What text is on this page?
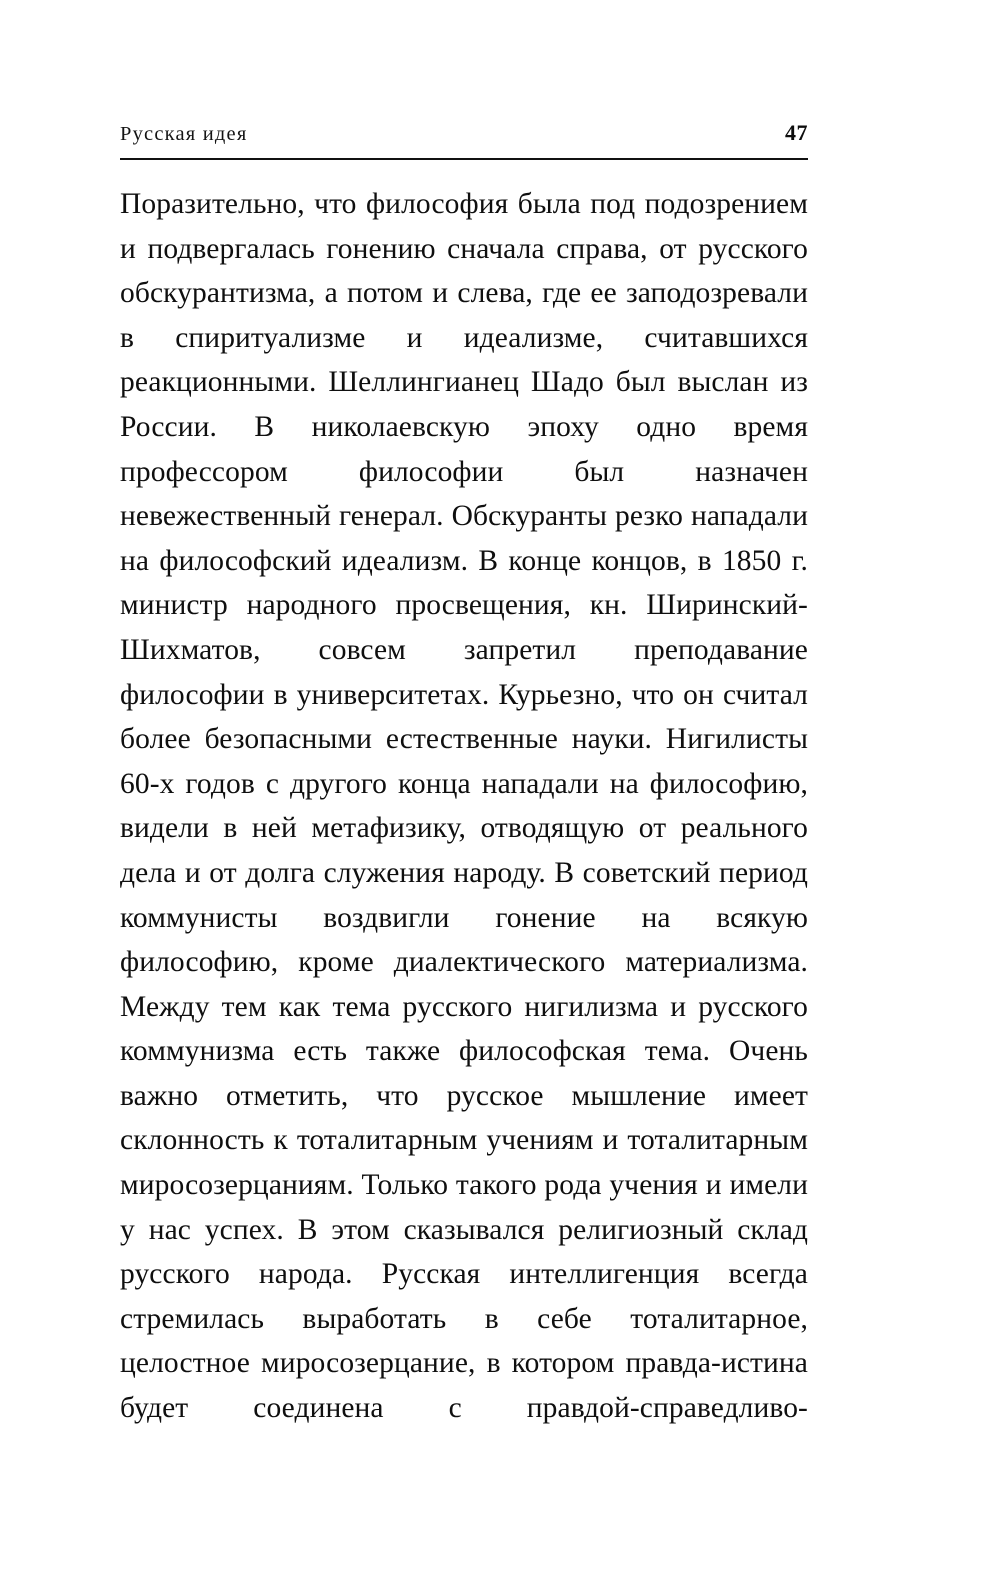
Русская идея	47

Поразительно, что философия была под подозрением и подвергалась гонению сначала справа, от русского обскурантизма, а потом и слева, где ее заподозревали в спиритуализме и идеализме, считавшихся реакционными. Шеллингианец Шадо был выслан из России. В николаевскую эпоху одно время профессором философии был назначен невежественный генерал. Обскуранты резко нападали на философский идеализм. В конце концов, в 1850 г. министр народного просвещения, кн. Ширинский-Шихматов, совсем запретил преподавание философии в университетах. Курьезно, что он считал более безопасными естественные науки. Нигилисты 60-х годов с другого конца нападали на философию, видели в ней метафизику, отводящую от реального дела и от долга служения народу. В советский период коммунисты воздвигли гонение на всякую философию, кроме диалектического материализма. Между тем как тема русского нигилизма и русского коммунизма есть также философская тема. Очень важно отметить, что русское мышление имеет склонность к тоталитарным учениям и тоталитарным миросозерцаниям. Только такого рода учения и имели у нас успех. В этом сказывался религиозный склад русского народа. Русская интеллигенция всегда стремилась выработать в себе тоталитарное, целостное миросозерцание, в котором правда-истина будет соединена с правдой-справедливо-
